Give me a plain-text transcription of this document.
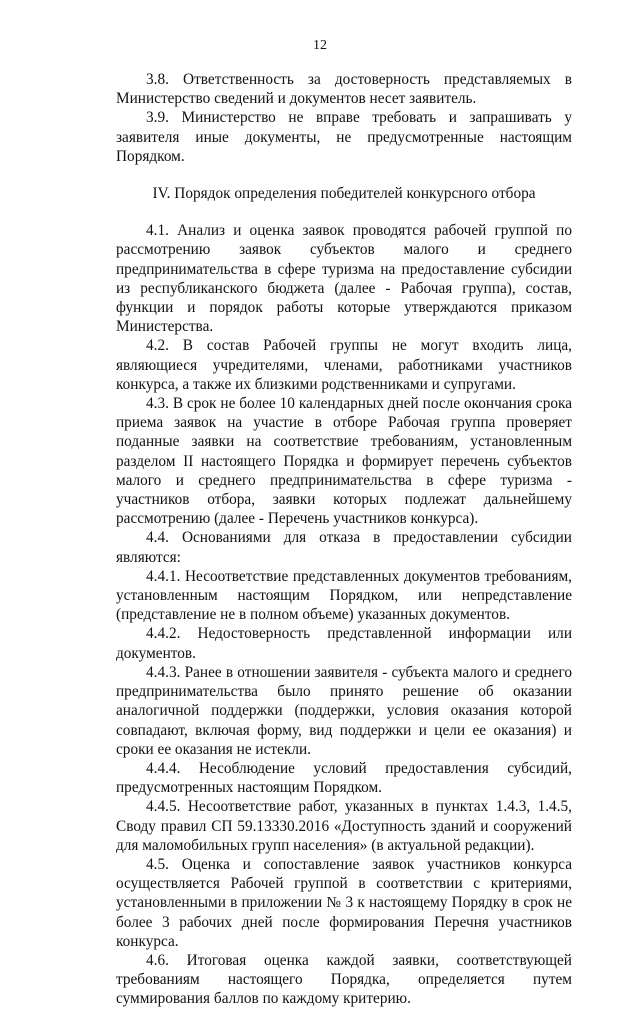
12

3.8. Ответственность за достоверность представляемых в Министерство сведений и документов несет заявитель.

3.9. Министерство не вправе требовать и запрашивать у заявителя иные документы, не предусмотренные настоящим Порядком.

IV. Порядок определения победителей конкурсного отбора

4.1. Анализ и оценка заявок проводятся рабочей группой по рассмотрению заявок субъектов малого и среднего предпринимательства в сфере туризма на предоставление субсидии из республиканского бюджета (далее - Рабочая группа), состав, функции и порядок работы которые утверждаются приказом Министерства.

4.2. В состав Рабочей группы не могут входить лица, являющиеся учредителями, членами, работниками участников конкурса, а также их близкими родственниками и супругами.

4.3. В срок не более 10 календарных дней после окончания срока приема заявок на участие в отборе Рабочая группа проверяет поданные заявки на соответствие требованиям, установленным разделом II настоящего Порядка и формирует перечень субъектов малого и среднего предпринимательства в сфере туризма - участников отбора, заявки которых подлежат дальнейшему рассмотрению (далее - Перечень участников конкурса).

4.4. Основаниями для отказа в предоставлении субсидии являются:

4.4.1. Несоответствие представленных документов требованиям, установленным настоящим Порядком, или непредставление (представление не в полном объеме) указанных документов.

4.4.2. Недостоверность представленной информации или документов.

4.4.3. Ранее в отношении заявителя - субъекта малого и среднего предпринимательства было принято решение об оказании аналогичной поддержки (поддержки, условия оказания которой совпадают, включая форму, вид поддержки и цели ее оказания) и сроки ее оказания не истекли.

4.4.4. Несоблюдение условий предоставления субсидий, предусмотренных настоящим Порядком.

4.4.5. Несоответствие работ, указанных в пунктах 1.4.3, 1.4.5, Своду правил СП 59.13330.2016 «Доступность зданий и сооружений для маломобильных групп населения» (в актуальной редакции).

4.5. Оценка и сопоставление заявок участников конкурса осуществляется Рабочей группой в соответствии с критериями, установленными в приложении № 3 к настоящему Порядку в срок не более 3 рабочих дней после формирования Перечня участников конкурса.

4.6. Итоговая оценка каждой заявки, соответствующей требованиям настоящего Порядка, определяется путем суммирования баллов по каждому критерию.
